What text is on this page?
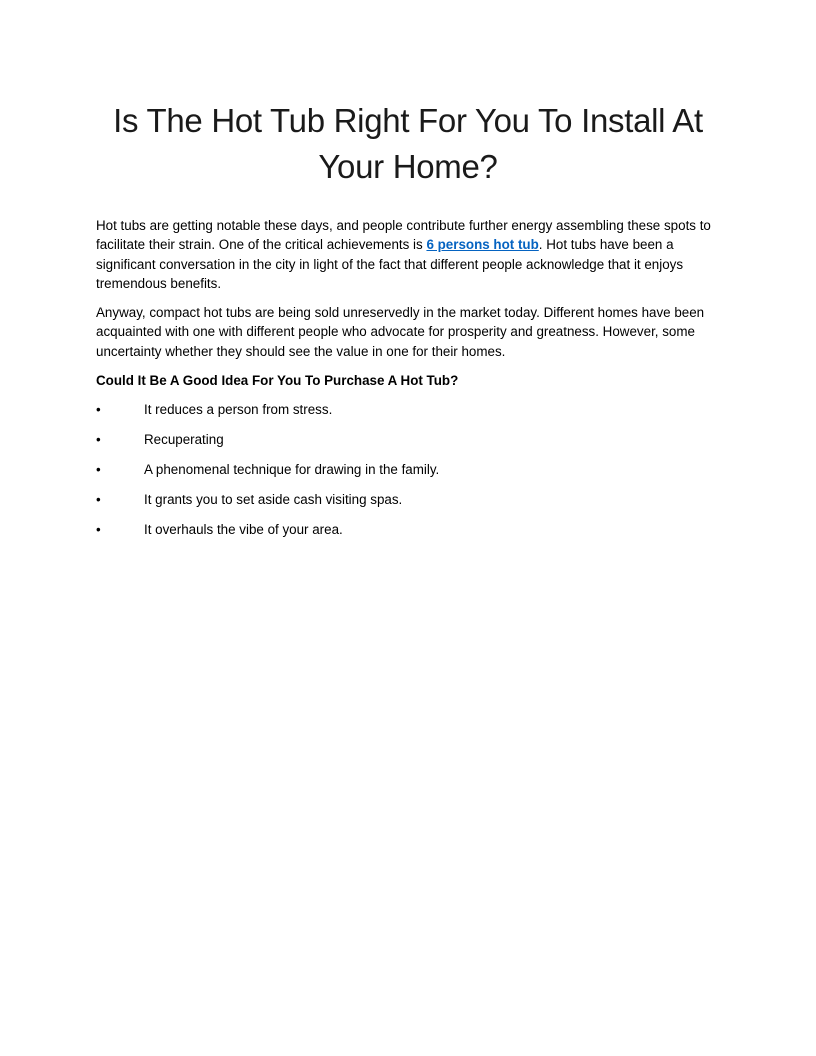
Is The Hot Tub Right For You To Install At Your Home?

Hot tubs are getting notable these days, and people contribute further energy assembling these spots to facilitate their strain. One of the critical achievements is 6 persons hot tub. Hot tubs have been a significant conversation in the city in light of the fact that different people acknowledge that it enjoys tremendous benefits.

Anyway, compact hot tubs are being sold unreservedly in the market today. Different homes have been acquainted with one with different people who advocate for prosperity and greatness. However, some uncertainty whether they should see the value in one for their homes.

Could It Be A Good Idea For You To Purchase A Hot Tub?

•	It reduces a person from stress.
•	Recuperating
•	A phenomenal technique for drawing in the family.
•	It grants you to set aside cash visiting spas.
•	It overhauls the vibe of your area.
